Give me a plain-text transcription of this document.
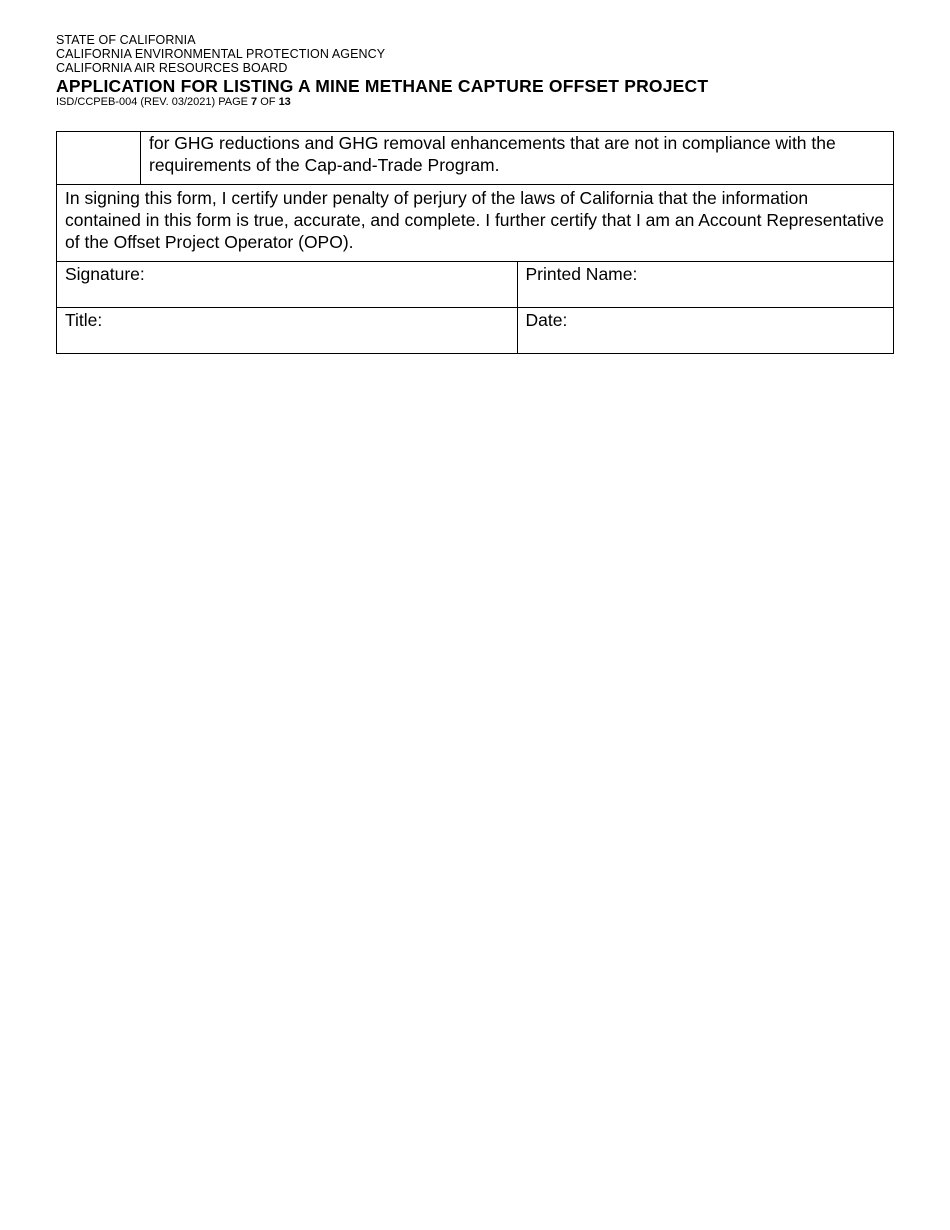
STATE OF CALIFORNIA
CALIFORNIA ENVIRONMENTAL PROTECTION AGENCY
CALIFORNIA AIR RESOURCES BOARD
APPLICATION FOR LISTING A MINE METHANE CAPTURE OFFSET PROJECT
ISD/CCPEB-004 (REV. 03/2021) PAGE 7 OF 13

	for GHG reductions and GHG removal enhancements that are not in compliance with the requirements of the Cap-and-Trade Program.	

In signing this form, I certify under penalty of perjury of the laws of California that the information contained in this form is true, accurate, and complete. I further certify that I am an Account Representative of the Offset Project Operator (OPO).		

Signature:		Printed Name:
Title:		Date:
